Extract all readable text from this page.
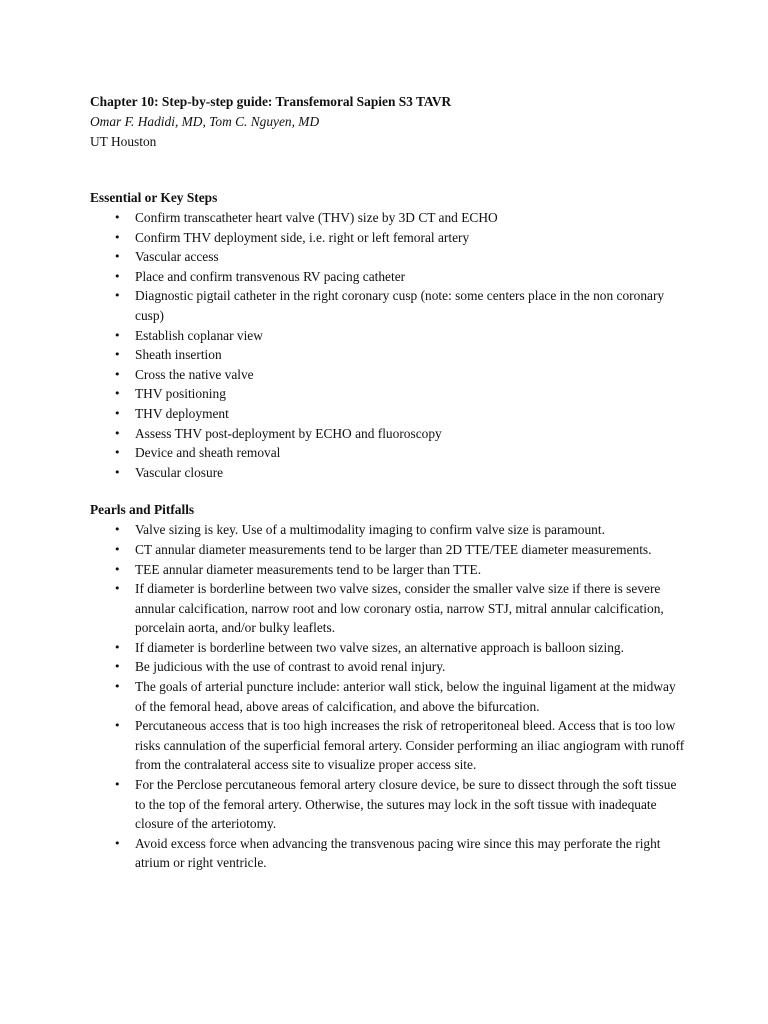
Chapter 10: Step-by-step guide: Transfemoral Sapien S3 TAVR
Omar F. Hadidi, MD, Tom C. Nguyen, MD
UT Houston
Essential or Key Steps
• Confirm transcatheter heart valve (THV) size by 3D CT and ECHO
• Confirm THV deployment side, i.e. right or left femoral artery
• Vascular access
• Place and confirm transvenous RV pacing catheter
• Diagnostic pigtail catheter in the right coronary cusp (note: some centers place in the non coronary cusp)
• Establish coplanar view
• Sheath insertion
• Cross the native valve
• THV positioning
• THV deployment
• Assess THV post-deployment by ECHO and fluoroscopy
• Device and sheath removal
• Vascular closure
Pearls and Pitfalls
• Valve sizing is key. Use of a multimodality imaging to confirm valve size is paramount.
• CT annular diameter measurements tend to be larger than 2D TTE/TEE diameter measurements.
• TEE annular diameter measurements tend to be larger than TTE.
• If diameter is borderline between two valve sizes, consider the smaller valve size if there is severe annular calcification, narrow root and low coronary ostia, narrow STJ, mitral annular calcification, porcelain aorta, and/or bulky leaflets.
• If diameter is borderline between two valve sizes, an alternative approach is balloon sizing.
• Be judicious with the use of contrast to avoid renal injury.
• The goals of arterial puncture include: anterior wall stick, below the inguinal ligament at the midway of the femoral head, above areas of calcification, and above the bifurcation.
• Percutaneous access that is too high increases the risk of retroperitoneal bleed. Access that is too low risks cannulation of the superficial femoral artery. Consider performing an iliac angiogram with runoff from the contralateral access site to visualize proper access site.
• For the Perclose percutaneous femoral artery closure device, be sure to dissect through the soft tissue to the top of the femoral artery. Otherwise, the sutures may lock in the soft tissue with inadequate closure of the arteriotomy.
• Avoid excess force when advancing the transvenous pacing wire since this may perforate the right atrium or right ventricle.
